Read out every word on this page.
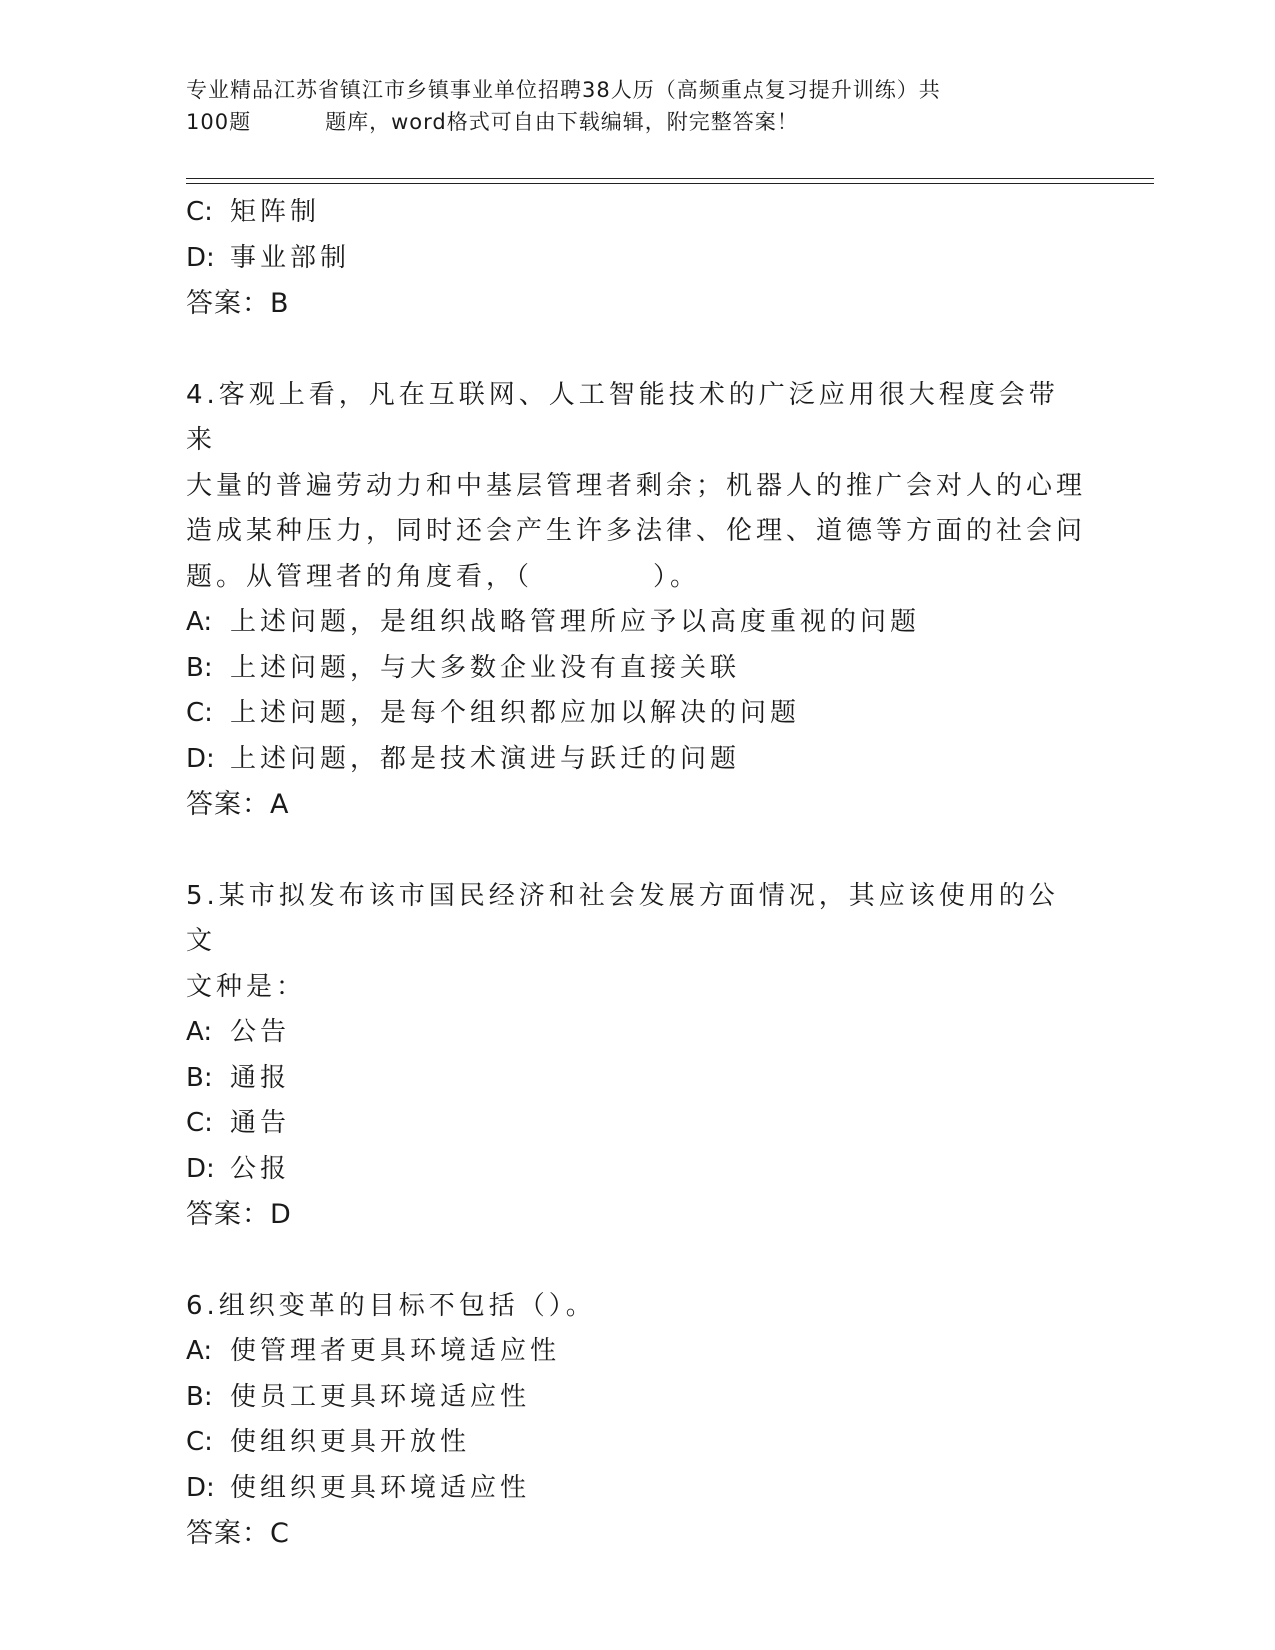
专业精品江苏省镇江市乡镇事业单位招聘38人历（高频重点复习提升训练）共
100题	题库，word格式可自由下载编辑，附完整答案！
C: 矩阵制
D: 事业部制
答案：B
4.客观上看，凡在互联网、人工智能技术的广泛应用很大程度会带来
大量的普遍劳动力和中基层管理者剩余；机器人的推广会对人的心理
造成某种压力，同时还会产生许多法律、伦理、道德等方面的社会问
题。从管理者的角度看，（	）。
A: 上述问题，是组织战略管理所应予以高度重视的问题
B: 上述问题，与大多数企业没有直接关联
C: 上述问题，是每个组织都应加以解决的问题
D: 上述问题，都是技术演进与跃迁的问题
答案：A
5.某市拟发布该市国民经济和社会发展方面情况，其应该使用的公文
文种是：
A: 公告
B: 通报
C: 通告
D: 公报
答案：D
6.组织变革的目标不包括（）。
A: 使管理者更具环境适应性
B: 使员工更具环境适应性
C: 使组织更具开放性
D: 使组织更具环境适应性
答案：C
